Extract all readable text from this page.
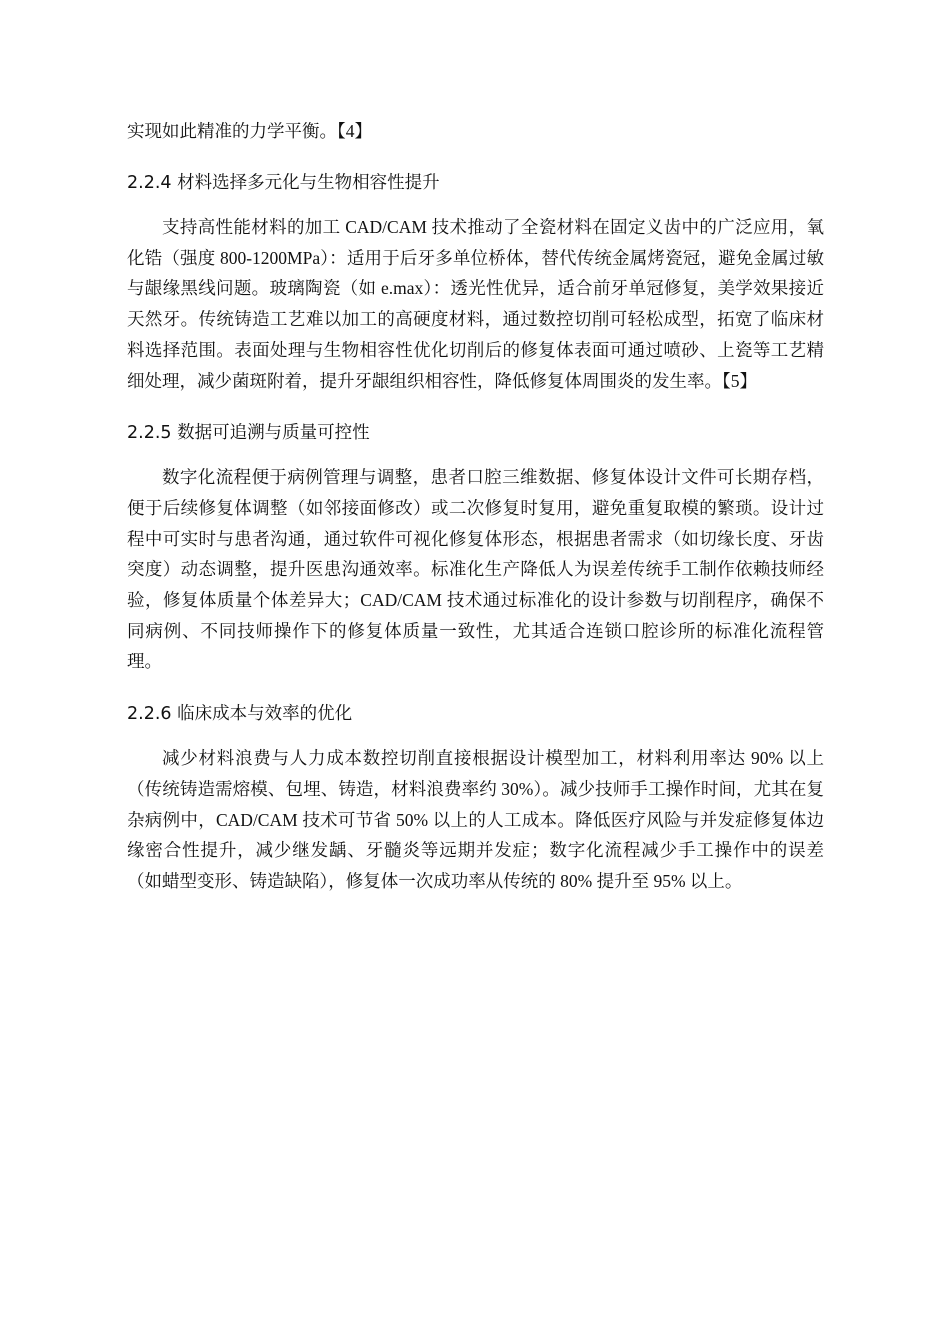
实现如此精准的力学平衡。【4】

2.2.4 材料选择多元化与生物相容性提升

支持高性能材料的加工 CAD/CAM 技术推动了全瓷材料在固定义齿中的广泛应用，氧化锆（强度 800-1200MPa）：适用于后牙多单位桥体，替代传统金属烤瓷冠，避免金属过敏与龈缘黑线问题。玻璃陶瓷（如 e.max）：透光性优异，适合前牙单冠修复，美学效果接近天然牙。传统铸造工艺难以加工的高硬度材料，通过数控切削可轻松成型，拓宽了临床材料选择范围。表面处理与生物相容性优化切削后的修复体表面可通过喷砂、上瓷等工艺精细处理，减少菌斑附着，提升牙龈组织相容性，降低修复体周围炎的发生率。【5】

2.2.5 数据可追溯与质量可控性

数字化流程便于病例管理与调整，患者口腔三维数据、修复体设计文件可长期存档，便于后续修复体调整（如邻接面修改）或二次修复时复用，避免重复取模的繁琐。设计过程中可实时与患者沟通，通过软件可视化修复体形态，根据患者需求（如切缘长度、牙齿突度）动态调整，提升医患沟通效率。标准化生产降低人为误差传统手工制作依赖技师经验，修复体质量个体差异大；CAD/CAM 技术通过标准化的设计参数与切削程序，确保不同病例、不同技师操作下的修复体质量一致性，尤其适合连锁口腔诊所的标准化流程管理。

2.2.6 临床成本与效率的优化

减少材料浪费与人力成本数控切削直接根据设计模型加工，材料利用率达 90% 以上（传统铸造需熔模、包埋、铸造，材料浪费率约 30%）。减少技师手工操作时间，尤其在复杂病例中，CAD/CAM 技术可节省 50% 以上的人工成本。降低医疗风险与并发症修复体边缘密合性提升，减少继发龋、牙髓炎等远期并发症；数字化流程减少手工操作中的误差（如蜡型变形、铸造缺陷），修复体一次成功率从传统的 80% 提升至 95% 以上。
